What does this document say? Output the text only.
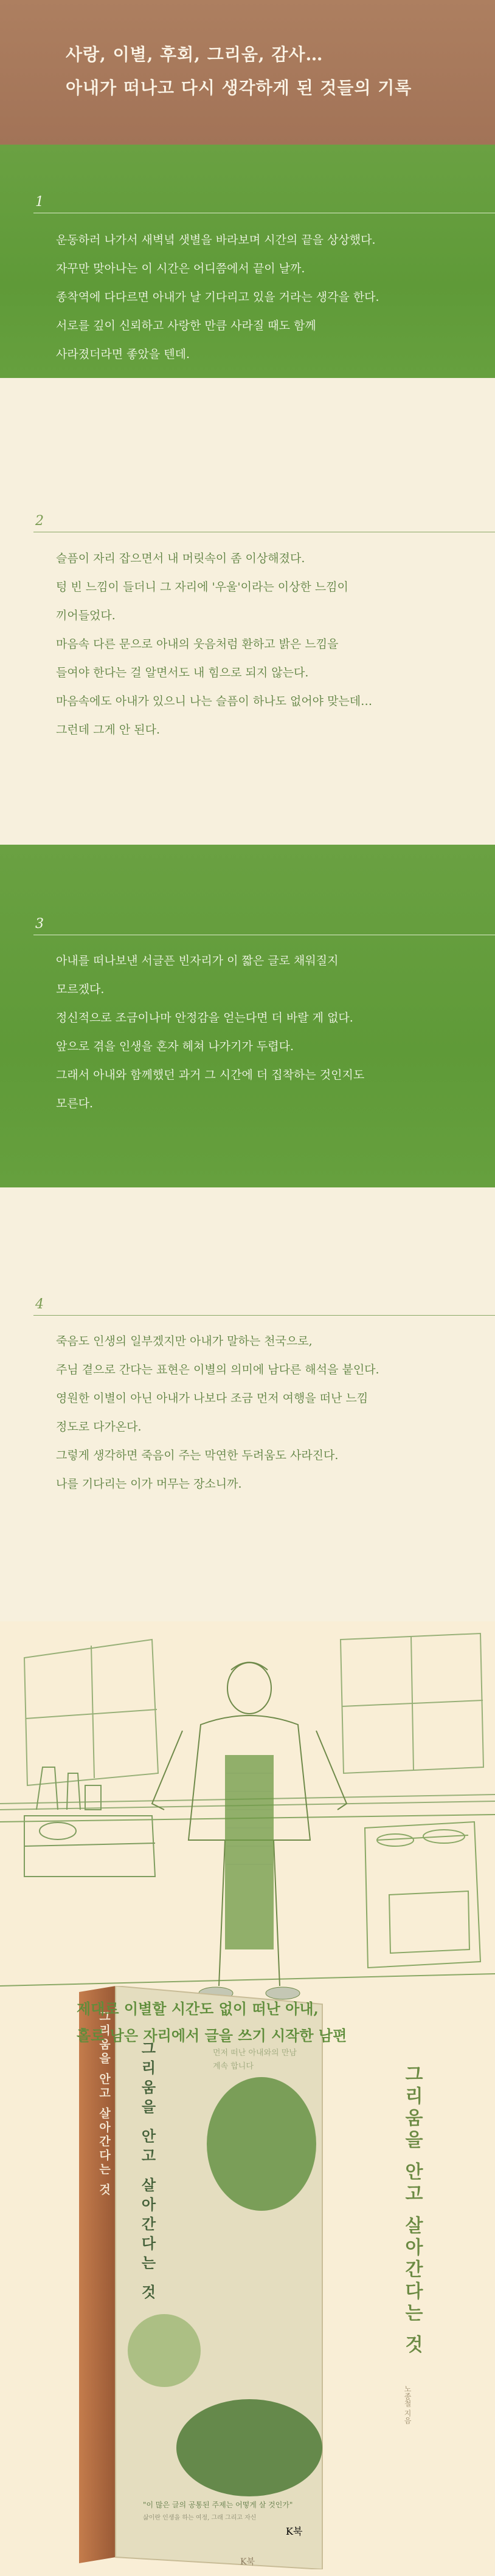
사랑, 이별, 후회, 그리움, 감사…
아내가 떠나고 다시 생각하게 된 것들의 기록
1
운동하러 나가서 새벽녘 샛별을 바라보며 시간의 끝을 상상했다.
자꾸만 맞아나는 이 시간은 어디쯤에서 끝이 날까.
종착역에 다다르면 아내가 날 기다리고 있을 거라는 생각을 한다.
서로를 깊이 신뢰하고 사랑한 만큼 사라질 때도 함께
사라졌더라면 좋았을 텐데.
2
슬픔이 자리 잡으면서 내 머릿속이 좀 이상해졌다.
텅 빈 느낌이 들더니 그 자리에 '우울'이라는 이상한 느낌이
끼어들었다.
마음속 다른 문으로 아내의 웃음처럼 환하고 밝은 느낌을
들여야 한다는 걸 알면서도 내 힘으로 되지 않는다.
마음속에도 아내가 있으니 나는 슬픔이 하나도 없어야 맞는데…
그런데 그게 안 된다.
3
아내를 떠나보낸 서글픈 빈자리가 이 짧은 글로 채워질지
모르겠다.
정신적으로 조금이나마 안정감을 얻는다면 더 바랄 게 없다.
앞으로 겪을 인생을 혼자 헤쳐 나가기가 두렵다.
그래서 아내와 함께했던 과거 그 시간에 더 집착하는 것인지도
모른다.
4
죽음도 인생의 일부겠지만 아내가 말하는 천국으로,
주님 곁으로 간다는 표현은 이별의 의미에 남다른 해석을 붙인다.
영원한 이별이 아닌 아내가 나보다 조금 먼저 여행을 떠난 느낌
정도로 다가온다.
그렇게 생각하면 죽음이 주는 막연한 두려움도 사라진다.
나를 기다리는 이가 머무는 장소니까.
그리움을 안고 살아간다는 것 그리움을 안고 살아간다는 것	먼저 떠난 아내와의 만남 계속 합니다
"이 많은 글의 공통된 주제는 어떻게 살 것인가"
삶이란 인생을 하는 여정, 그래 그리고 자신
K북
제대로 이별할 시간도 없이 떠난 아내,
홀로 남은 자리에서 글을 쓰기 시작한 남편
그리움을 안고 살아간다는 것
노종철 지음
K북
